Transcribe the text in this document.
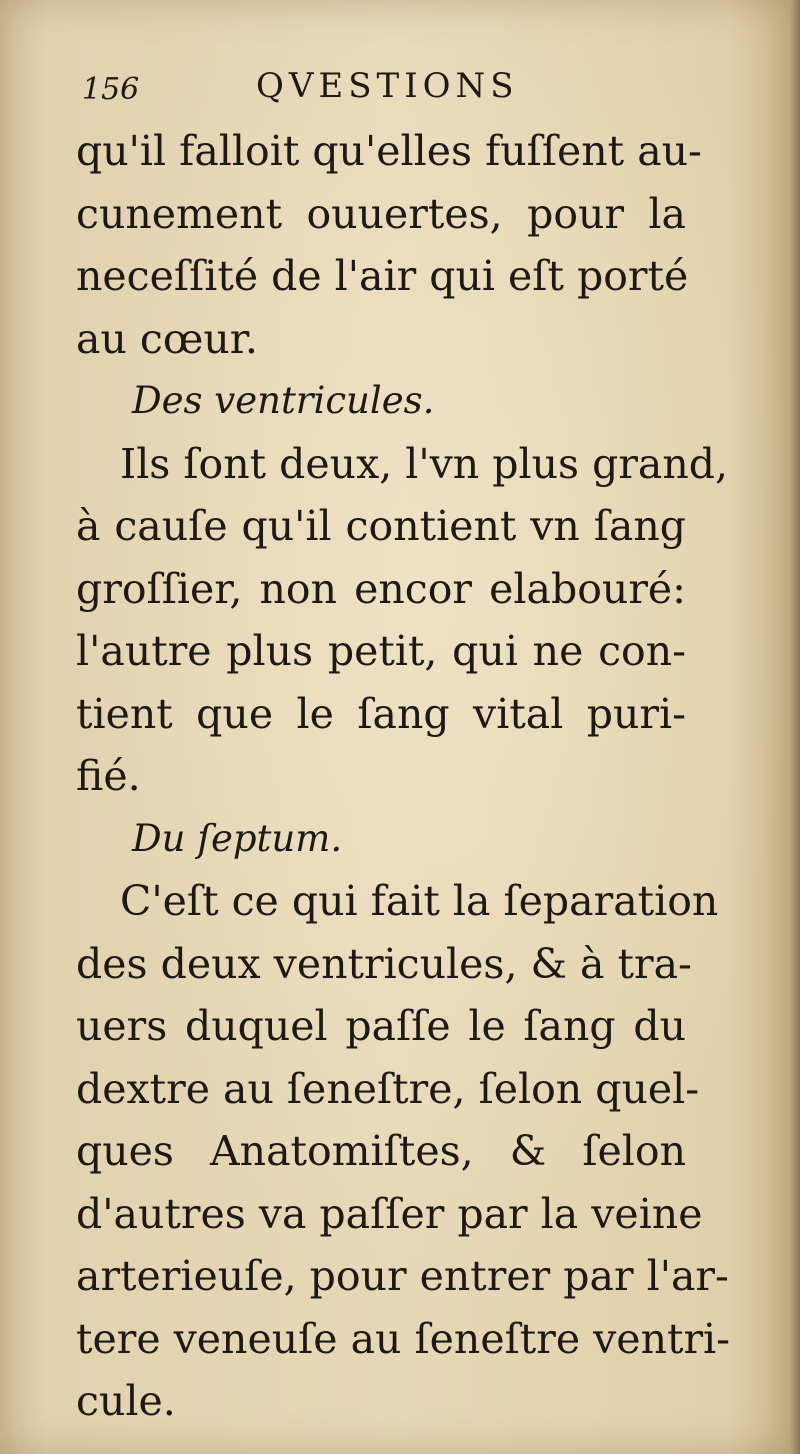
156	QVESTIONS
qu'il falloit qu'elles fuſſent au-
cunement ouuertes, pour la
neceſſité de l'air qui eſt porté
au cœur.
Des ventricules.
Ils ſont deux, l'vn plus grand,
à cauſe qu'il contient vn ſang
groſſier, non encor elabouré:
l'autre plus petit, qui ne con-
tient que le ſang vital puri-
fié.
Du ſeptum.
C'eſt ce qui fait la ſeparation
des deux ventricules, & à tra-
uers duquel paſſe le ſang du
dextre au ſeneſtre, ſelon quel-
ques Anatomiſtes, & ſelon
d'autres va paſſer par la veine
arterieuſe, pour entrer par l'ar-
tere veneuſe au ſeneſtre ventri-
cule.
